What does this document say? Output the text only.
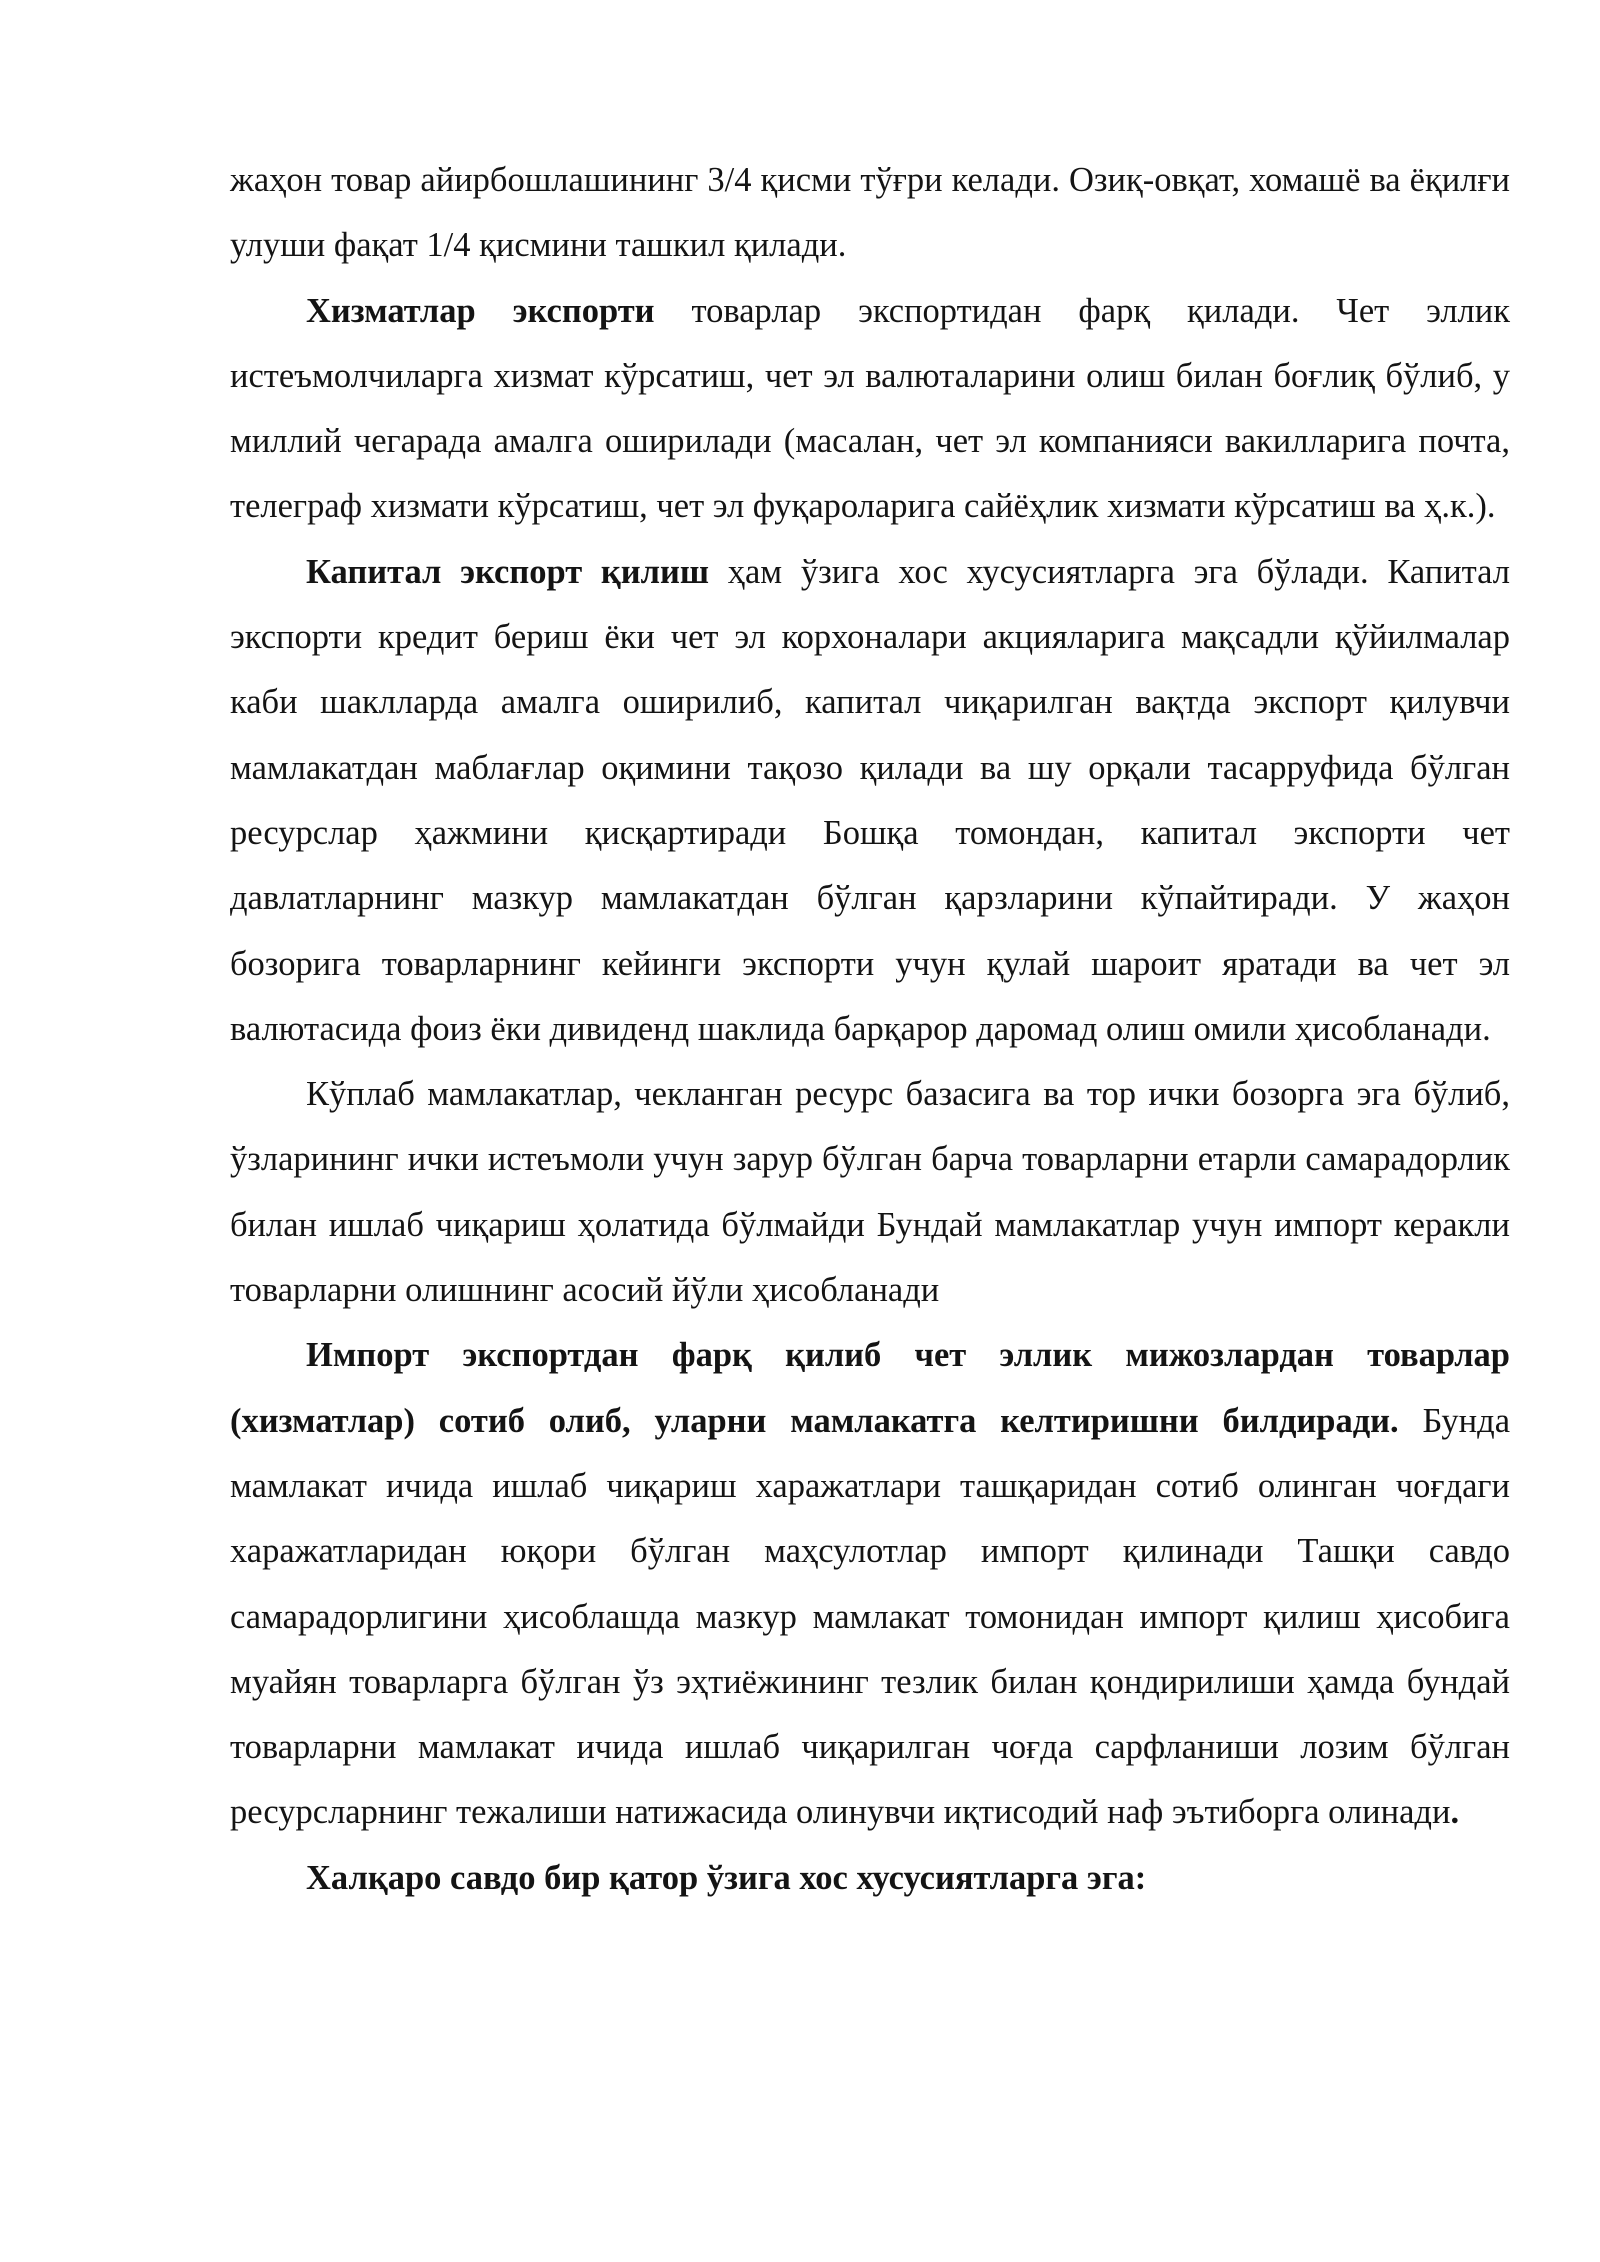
жаҳон товар айирбошлашининг 3/4 қисми тўғри келади. Озиқ-овқат, хомашё ва ёқилғи улуши фақат 1/4 қисмини ташкил қилади.

Хизматлар экспорти товарлар экспортидан фарқ қилади. Чет эллик истеъмолчиларга хизмат кўрсатиш, чет эл валюталарини олиш билан боғлиқ бўлиб, у миллий чегарада амалга оширилади (масалан, чет эл компанияси вакилларига почта, телеграф хизмати кўрсатиш, чет эл фуқароларига сайёҳлик хизмати кўрсатиш ва ҳ.к.).

Капитал экспорт қилиш ҳам ўзига хос хусусиятларга эга бўлади. Капитал экспорти кредит бериш ёки чет эл корхоналари акцияларига мақсадли қўйилмалар каби шаклларда амалга оширилиб, капитал чиқарилган вақтда экспорт қилувчи мамлакатдан маблағлар оқимини тақозо қилади ва шу орқали тасарруфида бўлган ресурслар ҳажмини қисқартиради Бошқа томондан, капитал экспорти чет давлатларнинг мазкур мамлакатдан бўлган қарзларини кўпайтиради. У жаҳон бозорига товарларнинг кейинги экспорти учун қулай шароит яратади ва чет эл валютасида фоиз ёки дивиденд шаклида барқарор даромад олиш омили ҳисобланади.

Кўплаб мамлакатлар, чекланган ресурс базасига ва тор ички бозорга эга бўлиб, ўзларининг ички истеъмоли учун зарур бўлган барча товарларни етарли самарадорлик билан ишлаб чиқариш ҳолатида бўлмайди Бундай мамлакатлар учун импорт керакли товарларни олишнинг асосий йўли ҳисобланади

Импорт экспортдан фарқ қилиб чет эллик мижозлардан товарлар (хизматлар) сотиб олиб, уларни мамлакатга келтиришни билдиради. Бунда мамлакат ичида ишлаб чиқариш харажатлари ташқаридан сотиб олинган чоғдаги харажатларидан юқори бўлган маҳсулотлар импорт қилинади Ташқи савдо самарадорлигини ҳисоблашда мазкур мамлакат томонидан импорт қилиш ҳисобига муайян товарларга бўлган ўз эҳтиёжининг тезлик билан қондирилиши ҳамда бундай товарларни мамлакат ичида ишлаб чиқарилган чоғда сарфланиши лозим бўлган ресурсларнинг тежалиши натижасида олинувчи иқтисодий наф эътиборга олинади.

Халқаро савдо бир қатор ўзига хос хусусиятларга эга:
